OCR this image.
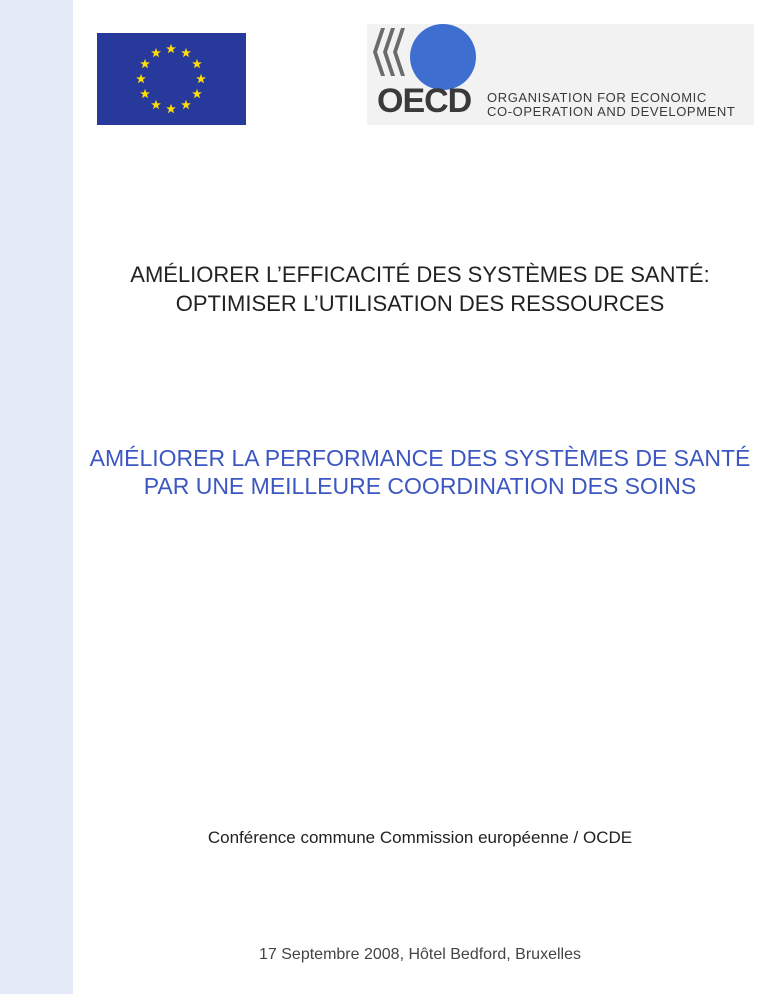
OECD ORGANISATION FOR ECONOMIC
CO-OPERATION AND DEVELOPMENT
AMÉLIORER L’EFFICACITÉ DES SYSTÈMES DE SANTÉ:
OPTIMISER L’UTILISATION DES RESSOURCES
AMÉLIORER LA PERFORMANCE DES SYSTÈMES DE SANTÉ
PAR UNE MEILLEURE COORDINATION DES SOINS
Conférence commune Commission européenne / OCDE
17 Septembre 2008, Hôtel Bedford, Bruxelles
